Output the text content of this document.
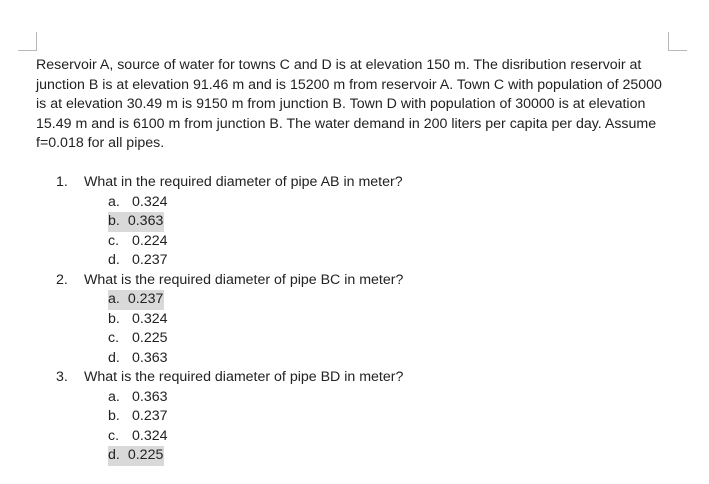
Reservoir A, source of water for towns C and D is at elevation 150 m. The disribution reservoir at junction B is at elevation 91.46 m and is 15200 m from reservoir A. Town C with population of 25000 is at elevation 30.49 m is 9150 m from junction B. Town D with population of 30000 is at elevation 15.49 m and is 6100 m from junction B. The water demand in 200 liters per capita per day. Assume f=0.018 for all pipes.

1.	What in the required diameter of pipe AB in meter?
a. 0.324
b. 0.363
c. 0.224
d. 0.237
2.	What is the required diameter of pipe BC in meter?
a. 0.237
b. 0.324
c. 0.225
d. 0.363
3.	What is the required diameter of pipe BD in meter?
a. 0.363
b. 0.237
c. 0.324
d. 0.225
